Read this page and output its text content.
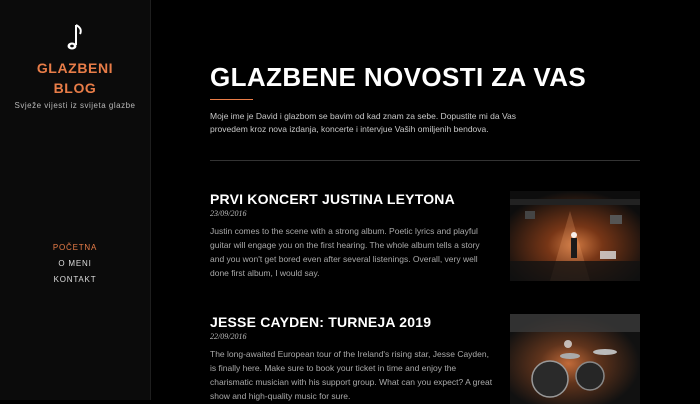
GLAZBENI
BLOG
Svježe vijesti iz svijeta glazbe
POČETNA
O MENI
KONTAKT
GLAZBENE NOVOSTI ZA VAS

Moje ime je David i glazbom se bavim od kad znam za sebe. Dopustite mi da Vas provedem kroz nova izdanja, koncerte i intervjue Vaših omiljenih bendova.

PRVI KONCERT JUSTINA LEYTONA
23/09/2016

Justin comes to the scene with a strong album. Poetic lyrics and playful guitar will engage you on the first hearing. The whole album tells a story and you won't get bored even after several listenings. Overall, very well done first album, I would say.

JESSE CAYDEN: TURNEJA 2019
22/09/2016

The long-awaited European tour of the Ireland's rising star, Jesse Cayden, is finally here. Make sure to book your ticket in time and enjoy the charismatic musician with his support group. What can you expect? A great show and high-quality music for sure.
